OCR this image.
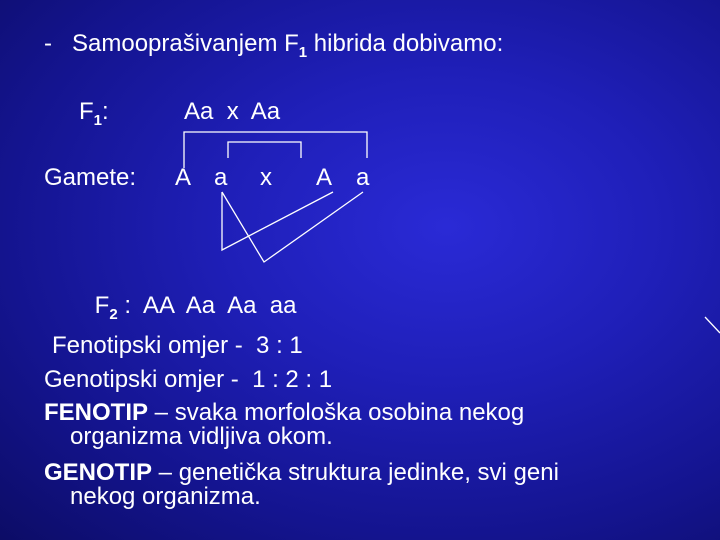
- Samooprašivanjem $F_1$ hibrida dobivamo:
$F_1$:	Aa  x  Aa
Gamete: A a x A a

$F_2$ : AA  Aa  Aa  aa

Fenotipski omjer -  3 : 1
Genotipski omjer -  1 : 2 : 1
FENOTIP – svaka morfološka osobina nekog
organizma vidljiva okom.
GENOTIP – genetička struktura jedinke, svi geni
nekog organizma.
